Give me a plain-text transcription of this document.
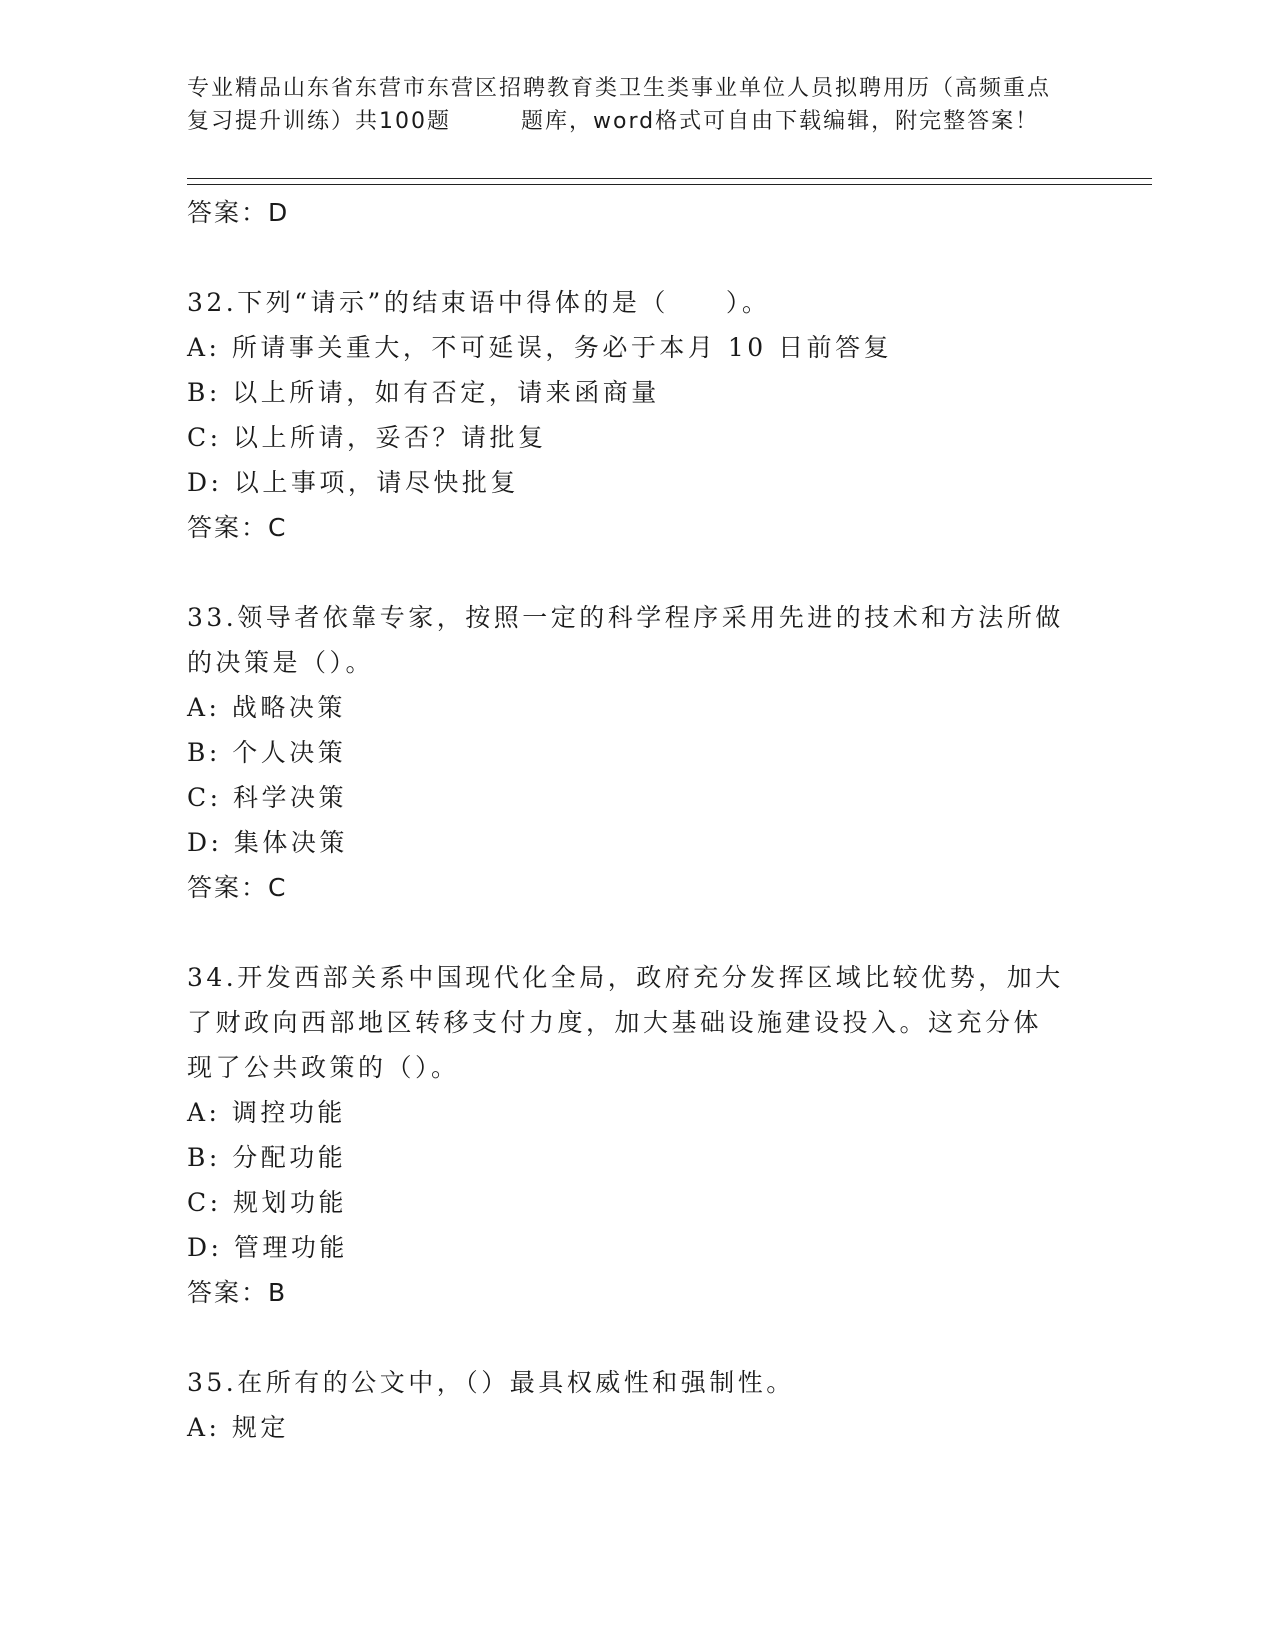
专业精品山东省东营市东营区招聘教育类卫生类事业单位人员拟聘用历（高频重点
复习提升训练）共100题	题库，word格式可自由下载编辑，附完整答案！
答案：D
32.下列“请示”的结束语中得体的是（　　）。
A: 所请事关重大，不可延误，务必于本月 10 日前答复
B: 以上所请，如有否定，请来函商量
C: 以上所请，妥否？请批复
D: 以上事项，请尽快批复
答案：C
33.领导者依靠专家，按照一定的科学程序采用先进的技术和方法所做
的决策是（）。
A: 战略决策
B: 个人决策
C: 科学决策
D: 集体决策
答案：C
34.开发西部关系中国现代化全局，政府充分发挥区域比较优势，加大
了财政向西部地区转移支付力度，加大基础设施建设投入。这充分体
现了公共政策的（）。
A: 调控功能
B: 分配功能
C: 规划功能
D: 管理功能
答案：B
35.在所有的公文中，（）最具权威性和强制性。
A: 规定
